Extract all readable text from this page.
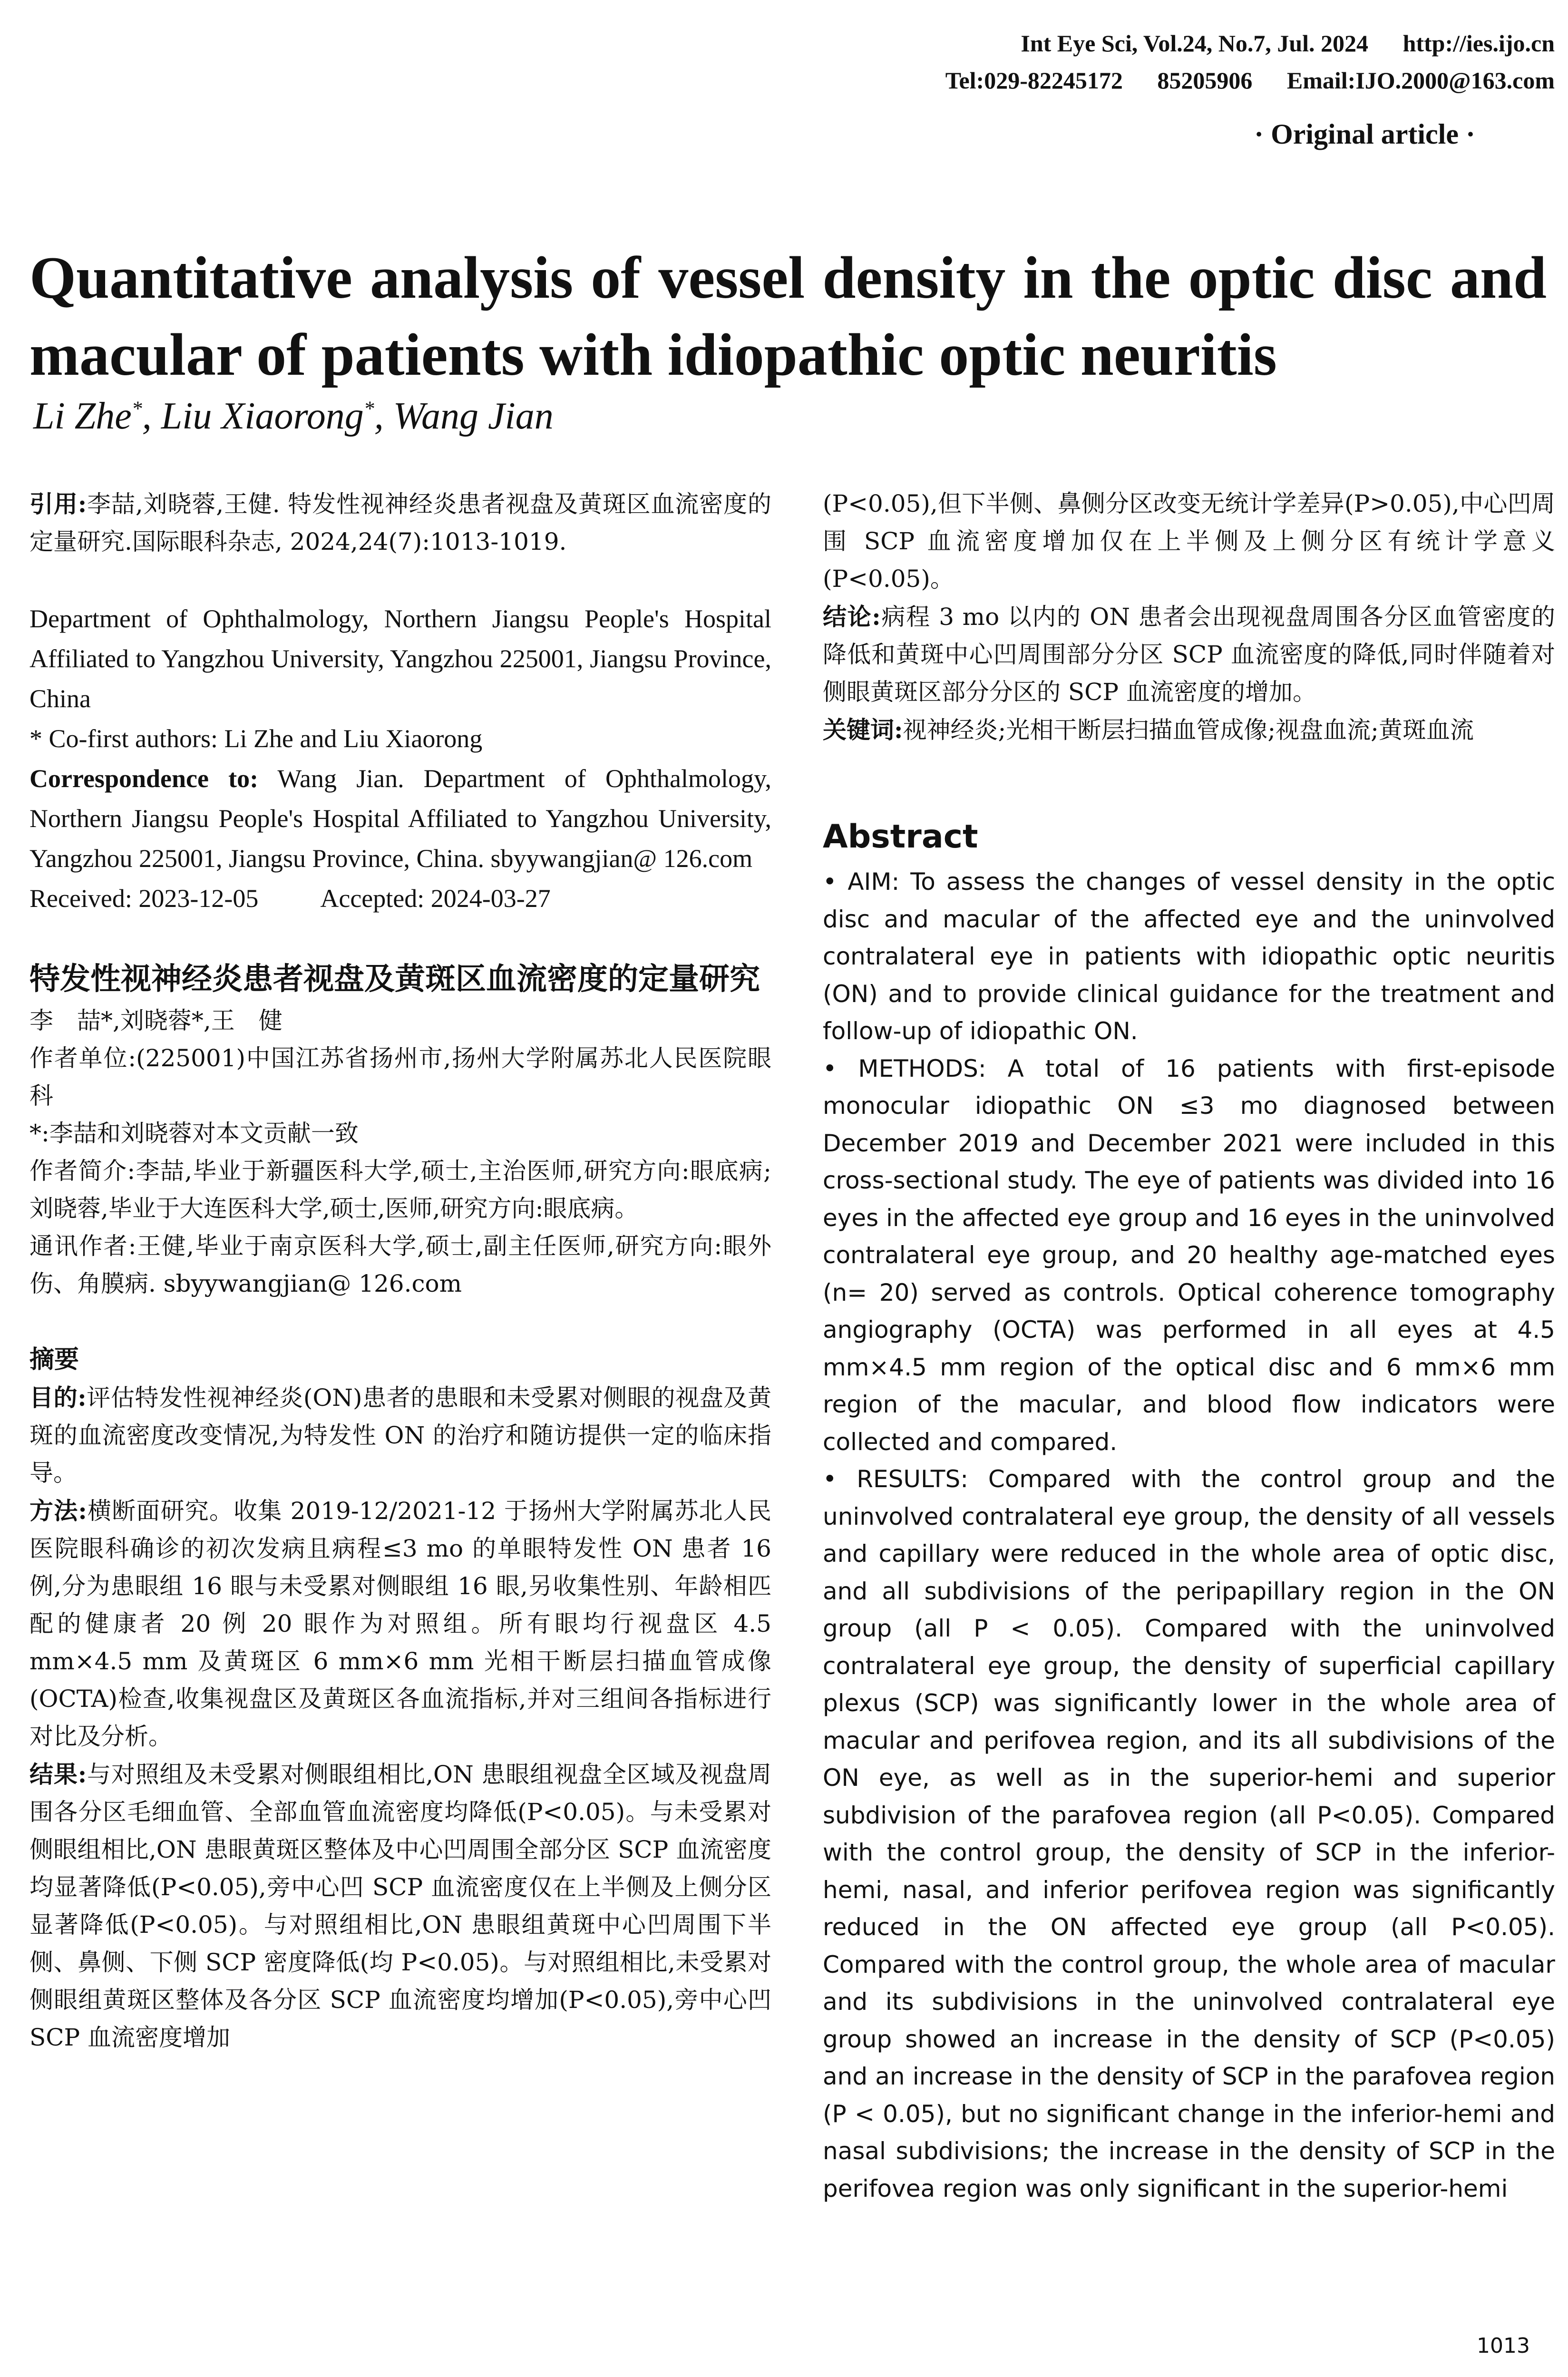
Int Eye Sci, Vol.24, No.7, Jul. 2024 http://ies.ijo.cn
Tel:029-82245172 85205906 Email:IJO.2000@163.com
· Original article ·
Quantitative analysis of vessel density in the optic disc and macular of patients with idiopathic optic neuritis
Li Zhe*, Liu Xiaorong*, Wang Jian

引用:李喆,刘晓蓉,王健. 特发性视神经炎患者视盘及黄斑区血流密度的定量研究.国际眼科杂志, 2024,24(7):1013-1019.

Department of Ophthalmology, Northern Jiangsu People's Hospital Affiliated to Yangzhou University, Yangzhou 225001, Jiangsu Province, China

* Co-first authors: Li Zhe and Liu Xiaorong

Correspondence to: Wang Jian. Department of Ophthalmology, Northern Jiangsu People's Hospital Affiliated to Yangzhou University, Yangzhou 225001, Jiangsu Province, China. sbyywangjian@ 126.com

Received: 2023-12-05 Accepted: 2024-03-27

特发性视神经炎患者视盘及黄斑区血流密度的定量研究

李　喆*,刘晓蓉*,王　健

作者单位:(225001)中国江苏省扬州市,扬州大学附属苏北人民医院眼科

*:李喆和刘晓蓉对本文贡献一致

作者简介:李喆,毕业于新疆医科大学,硕士,主治医师,研究方向:眼底病;刘晓蓉,毕业于大连医科大学,硕士,医师,研究方向:眼底病。

通讯作者:王健,毕业于南京医科大学,硕士,副主任医师,研究方向:眼外伤、角膜病. sbyywangjian@ 126.com

摘要

目的:评估特发性视神经炎(ON)患者的患眼和未受累对侧眼的视盘及黄斑的血流密度改变情况,为特发性 ON 的治疗和随访提供一定的临床指导。

方法:横断面研究。收集 2019-12/2021-12 于扬州大学附属苏北人民医院眼科确诊的初次发病且病程≤3 mo 的单眼特发性 ON 患者 16 例,分为患眼组 16 眼与未受累对侧眼组 16 眼,另收集性别、年龄相匹配的健康者 20 例 20 眼作为对照组。所有眼均行视盘区 4.5 mm×4.5 mm 及黄斑区 6 mm×6 mm 光相干断层扫描血管成像(OCTA)检查,收集视盘区及黄斑区各血流指标,并对三组间各指标进行对比及分析。

结果:与对照组及未受累对侧眼组相比,ON 患眼组视盘全区域及视盘周围各分区毛细血管、全部血管血流密度均降低(P<0.05)。与未受累对侧眼组相比,ON 患眼黄斑区整体及中心凹周围全部分区 SCP 血流密度均显著降低(P<0.05),旁中心凹 SCP 血流密度仅在上半侧及上侧分区显著降低(P<0.05)。与对照组相比,ON 患眼组黄斑中心凹周围下半侧、鼻侧、下侧 SCP 密度降低(均 P<0.05)。与对照组相比,未受累对侧眼组黄斑区整体及各分区 SCP 血流密度均增加(P<0.05),旁中心凹 SCP 血流密度增加

(P<0.05),但下半侧、鼻侧分区改变无统计学差异(P>0.05),中心凹周围 SCP 血流密度增加仅在上半侧及上侧分区有统计学意义(P<0.05)。

结论:病程 3 mo 以内的 ON 患者会出现视盘周围各分区血管密度的降低和黄斑中心凹周围部分分区 SCP 血流密度的降低,同时伴随着对侧眼黄斑区部分分区的 SCP 血流密度的增加。

关键词:视神经炎;光相干断层扫描血管成像;视盘血流;黄斑血流

Abstract

• AIM: To assess the changes of vessel density in the optic disc and macular of the affected eye and the uninvolved contralateral eye in patients with idiopathic optic neuritis (ON) and to provide clinical guidance for the treatment and follow-up of idiopathic ON.

• METHODS: A total of 16 patients with first-episode monocular idiopathic ON ≤3 mo diagnosed between December 2019 and December 2021 were included in this cross-sectional study. The eye of patients was divided into 16 eyes in the affected eye group and 16 eyes in the uninvolved contralateral eye group, and 20 healthy age-matched eyes (n= 20) served as controls. Optical coherence tomography angiography (OCTA) was performed in all eyes at 4.5 mm×4.5 mm region of the optical disc and 6 mm×6 mm region of the macular, and blood flow indicators were collected and compared.

• RESULTS: Compared with the control group and the uninvolved contralateral eye group, the density of all vessels and capillary were reduced in the whole area of optic disc, and all subdivisions of the peripapillary region in the ON group (all P < 0.05). Compared with the uninvolved contralateral eye group, the density of superficial capillary plexus (SCP) was significantly lower in the whole area of macular and perifovea region, and its all subdivisions of the ON eye, as well as in the superior-hemi and superior subdivision of the parafovea region (all P<0.05). Compared with the control group, the density of SCP in the inferior-hemi, nasal, and inferior perifovea region was significantly reduced in the ON affected eye group (all P<0.05). Compared with the control group, the whole area of macular and its subdivisions in the uninvolved contralateral eye group showed an increase in the density of SCP (P<0.05) and an increase in the density of SCP in the parafovea region (P < 0.05), but no significant change in the inferior-hemi and nasal subdivisions; the increase in the density of SCP in the perifovea region was only significant in the superior-hemi

1013
